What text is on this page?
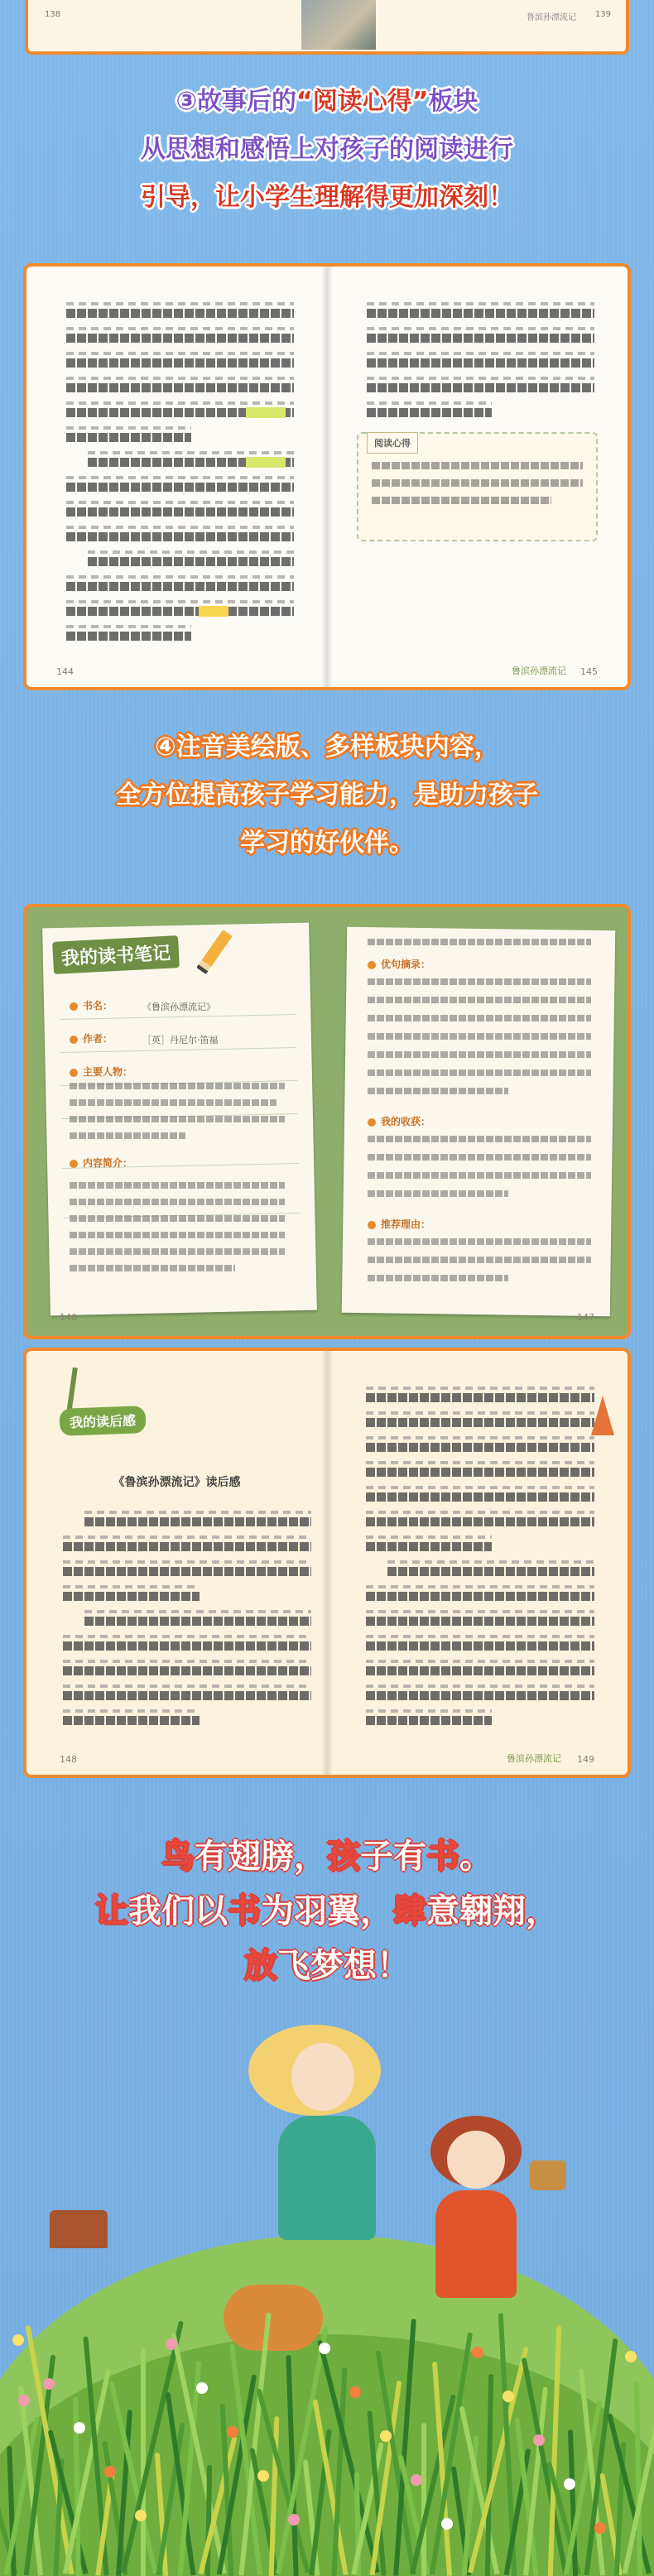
138	鲁滨孙漂流记 139
③故事后的“阅读心得”板块
从思想和感悟上对孩子的阅读进行
引导，让小学生理解得更加深刻！
144
阅读心得
鲁滨孙漂流记 145
④注音美绘版、多样板块内容，
全方位提高孩子学习能力，是助力孩子
学习的好伙伴。
我的读书笔记
146	147
书名：	《鲁滨孙漂流记》
作者：	［英］丹尼尔·笛福
主要人物：
内容简介：
优句摘录：
我的收获：
推荐理由：
我的读后感
《鲁滨孙漂流记》读后感
148	鲁滨孙漂流记 149
鸟有翅膀，孩子有书。
让我们以书为羽翼，肆意翱翔，
放飞梦想！
